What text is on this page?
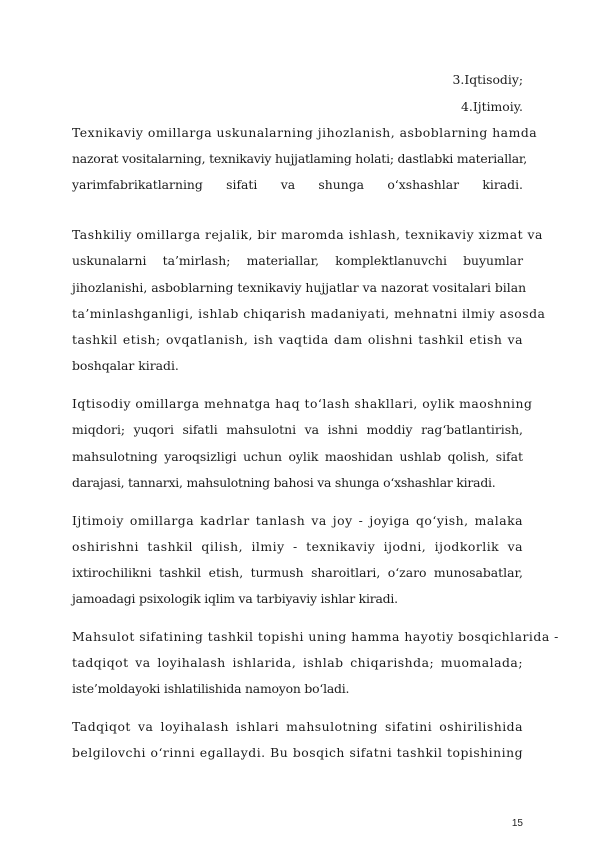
3.Iqtisodiy;
4.Ijtimoiy.
Texnikaviy omillarga uskunalarning jihozlanish, asboblarning hamda
nazorat vositalarning, texnikaviy hujjatlaming holati; dastlabki materiallar,
yarimfabrikatlarning sifati va shunga o‘xshashlar kiradi.
Tashkiliy omillarga rejalik, bir maromda ishlash, texnikaviy xizmat va
uskunalarni ta’mirlash; materiallar, komplektlanuvchi buyumlar
jihozlanishi, asboblarning texnikaviy hujjatlar va nazorat vositalari bilan
ta’minlashganligi, ishlab chiqarish madaniyati, mehnatni ilmiy asosda
tashkil etish; ovqatlanish, ish vaqtida dam olishni tashkil etish va
boshqalar kiradi.
Iqtisodiy omillarga mehnatga haq to‘lash shakllari, oylik maoshning
miqdori; yuqori sifatli mahsulotni va ishni moddiy rag‘batlantirish,
mahsulotning yaroqsizligi uchun oylik maoshidan ushlab qolish, sifat
darajasi, tannarxi, mahsulotning bahosi va shunga o‘xshashlar kiradi.
Ijtimoiy omillarga kadrlar tanlash va joy - joyiga qo‘yish, malaka
oshirishni tashkil qilish, ilmiy - texnikaviy ijodni, ijodkorlik va
ixtirochilikni tashkil etish, turmush sharoitlari, o‘zaro munosabatlar,
jamoadagi psixologik iqlim va tarbiyaviy ishlar kiradi.
Mahsulot sifatining tashkil topishi uning hamma hayotiy bosqichlarida -
tadqiqot va loyihalash ishlarida, ishlab chiqarishda; muomalada;
iste’moldayoki ishlatilishida namoyon bo‘ladi.
Tadqiqot va loyihalash ishlari mahsulotning sifatini oshirilishida
belgilovchi o‘rinni egallaydi. Bu bosqich sifatni tashkil topishining
15
